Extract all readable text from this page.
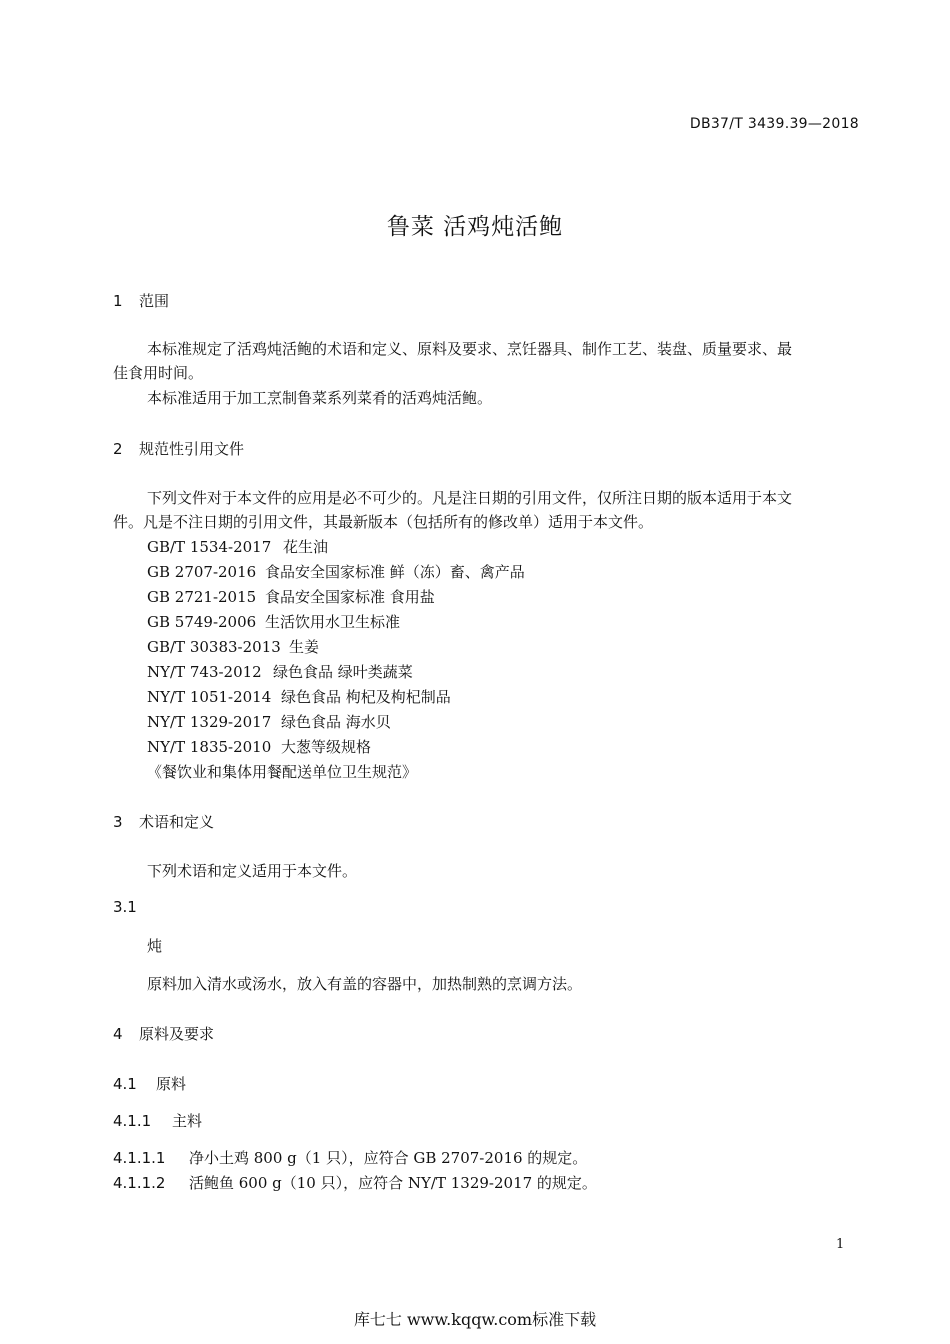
DB37/T 3439.39—2018
鲁菜 活鸡炖活鲍
1 范围
本标准规定了活鸡炖活鲍的术语和定义、原料及要求、烹饪器具、制作工艺、装盘、质量要求、最
佳食用时间。
本标准适用于加工烹制鲁菜系列菜肴的活鸡炖活鲍。
2 规范性引用文件
下列文件对于本文件的应用是必不可少的。凡是注日期的引用文件，仅所注日期的版本适用于本文
件。凡是不注日期的引用文件，其最新版本（包括所有的修改单）适用于本文件。
GB/T 1534-2017 花生油
GB 2707-2016 食品安全国家标准 鲜（冻）畜、禽产品
GB 2721-2015 食品安全国家标准 食用盐
GB 5749-2006 生活饮用水卫生标准
GB/T 30383-2013 生姜
NY/T 743-2012 绿色食品 绿叶类蔬菜
NY/T 1051-2014 绿色食品 枸杞及枸杞制品
NY/T 1329-2017 绿色食品 海水贝
NY/T 1835-2010 大葱等级规格
《餐饮业和集体用餐配送单位卫生规范》
3 术语和定义
下列术语和定义适用于本文件。
3.1
炖
原料加入清水或汤水，放入有盖的容器中，加热制熟的烹调方法。
4 原料及要求
4.1 原料
4.1.1 主料
4.1.1.1 净小土鸡 800 g（1 只），应符合 GB 2707-2016 的规定。
4.1.1.2 活鲍鱼 600 g（10 只），应符合 NY/T 1329-2017 的规定。
1
库七七 www.kqqw.com标准下载
